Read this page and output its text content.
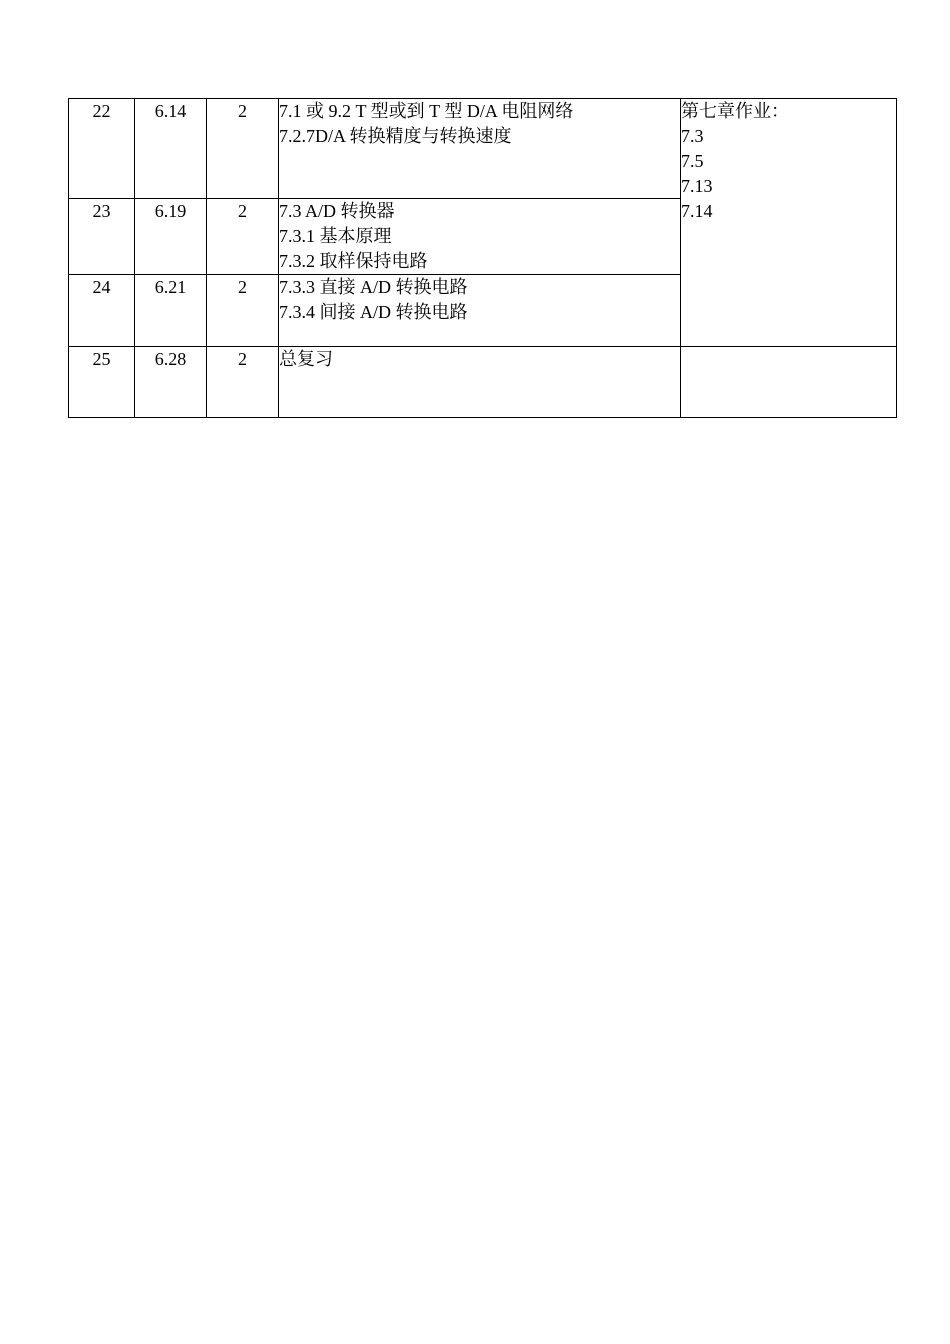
22	6.14	2	7.1 或 9.2 T 型或到 T 型 D/A 电阻网络
7.2.7D/A 转换精度与转换速度	第七章作业：
7.3
7.5
7.13
7.14

23	6.19	2	7.3 A/D 转换器
7.3.1 基本原理
7.3.2 取样保持电路	

24	6.21	2	7.3.3 直接 A/D 转换电路
7.3.4 间接 A/D 转换电路	

25	6.28	2	总复习	
